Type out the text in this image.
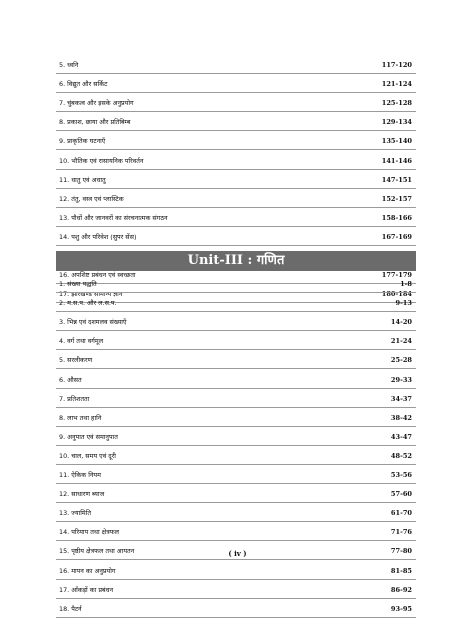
5. ध्वनि	117-120
6. विद्युत और सर्किट	121-124
7. चुंबकत्व और इसके अनुप्रयोग	125-128
8. प्रकाश, छाया और प्रतिबिम्ब	129-134
9. प्राकृतिक घटनाएँ	135-140
10. भौतिक एवं रासायनिक परिवर्तन	141-146
11. धातु एवं अधातु	147-151
12. तंतु, वस्त्र एवं प्लास्टिक	152-157
13. पौधों और जानवरों का संरचनात्मक संगठन	158-166
14. पशु और परिवेश (सुपर सेंस)	167-169
16. अपशिष्ट प्रबंधन एवं स्वच्छता	177-179
17. झारखण्ड सामान्य ज्ञान	180-184
Unit-III : गणित
1. संख्या पद्धति	1-8
2. म.स.प. और ल.स.प.	9-13
3. भिन्न एवं दशमलव संख्याएँ	14-20
4. वर्ग तथा वर्गमूल	21-24
5. सरलीकरण	25-28
6. औसत	29-33
7. प्रतिशतता	34-37
8. लाभ तथा हानि	38-42
9. अनुपात एवं समानुपात	43-47
10. चाल, समय एवं दूरी	48-52
11. ऐकिक नियम	53-56
12. साधारण ब्याज	57-60
13. ज्यामिति	61-70
14. परिमाप तथा क्षेत्रफल	71-76
15. पृष्ठीय क्षेत्रफल तथा आयतन	77-80
16. मापन का अनुप्रयोग	81-85
17. आँकड़ों का प्रबंधन	86-92
18. पैटर्न	93-95
( iv )
